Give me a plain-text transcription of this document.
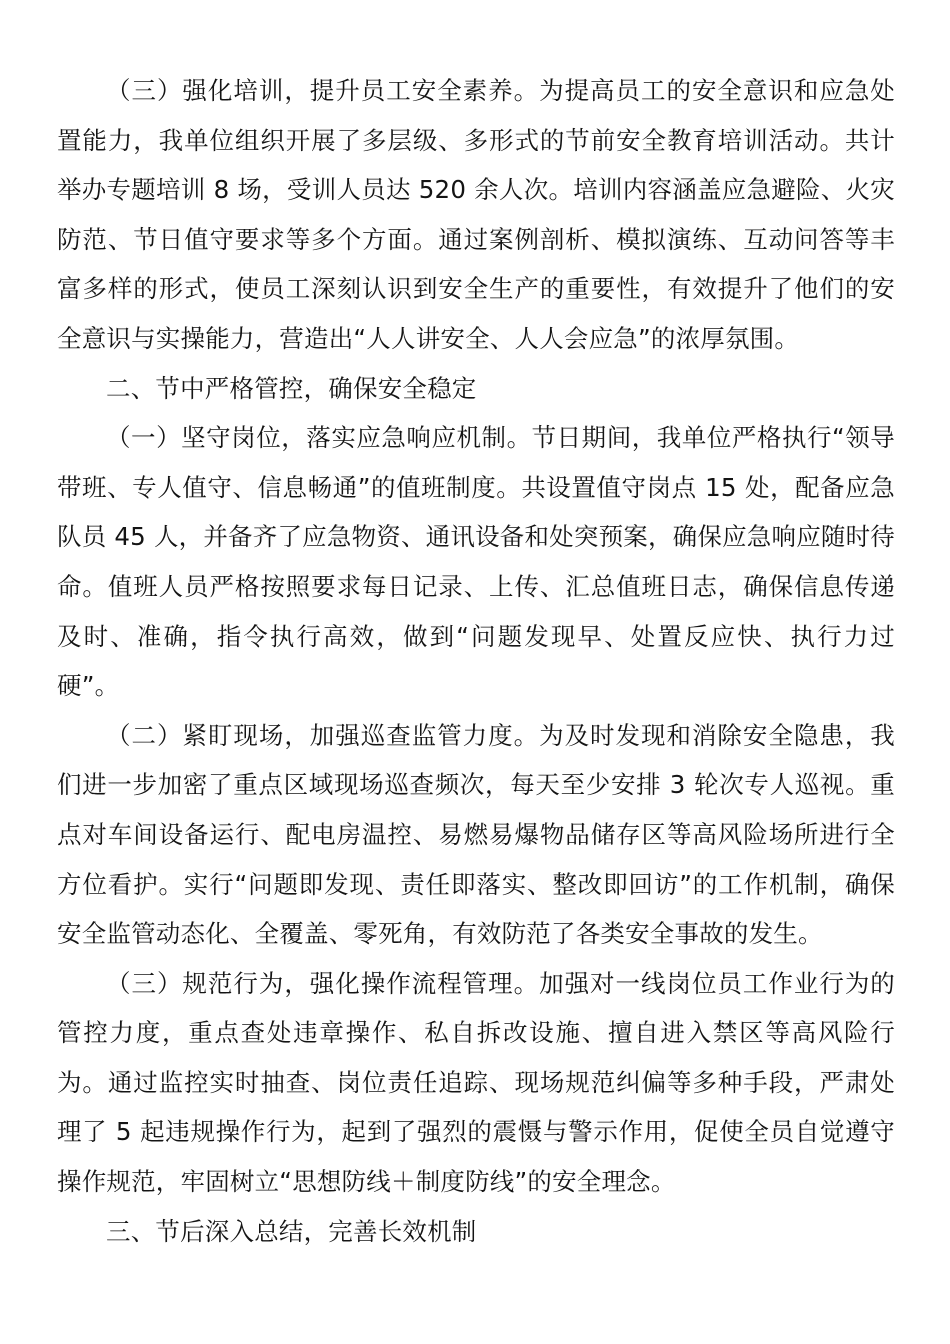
（三）强化培训，提升员工安全素养。为提高员工的安全意识和应急处置能力，我单位组织开展了多层级、多形式的节前安全教育培训活动。共计举办专题培训 8 场，受训人员达 520 余人次。培训内容涵盖应急避险、火灾防范、节日值守要求等多个方面。通过案例剖析、模拟演练、互动问答等丰富多样的形式，使员工深刻认识到安全生产的重要性，有效提升了他们的安全意识与实操能力，营造出“人人讲安全、人人会应急”的浓厚氛围。

二、节中严格管控，确保安全稳定

（一）坚守岗位，落实应急响应机制。节日期间，我单位严格执行“领导带班、专人值守、信息畅通”的值班制度。共设置值守岗点 15 处，配备应急队员 45 人，并备齐了应急物资、通讯设备和处突预案，确保应急响应随时待命。值班人员严格按照要求每日记录、上传、汇总值班日志，确保信息传递及时、准确，指令执行高效，做到“问题发现早、处置反应快、执行力过硬”。

（二）紧盯现场，加强巡查监管力度。为及时发现和消除安全隐患，我们进一步加密了重点区域现场巡查频次，每天至少安排 3 轮次专人巡视。重点对车间设备运行、配电房温控、易燃易爆物品储存区等高风险场所进行全方位看护。实行“问题即发现、责任即落实、整改即回访”的工作机制，确保安全监管动态化、全覆盖、零死角，有效防范了各类安全事故的发生。

（三）规范行为，强化操作流程管理。加强对一线岗位员工作业行为的管控力度，重点查处违章操作、私自拆改设施、擅自进入禁区等高风险行为。通过监控实时抽查、岗位责任追踪、现场规范纠偏等多种手段，严肃处理了 5 起违规操作行为，起到了强烈的震慑与警示作用，促使全员自觉遵守操作规范，牢固树立“思想防线＋制度防线”的安全理念。

三、节后深入总结，完善长效机制
